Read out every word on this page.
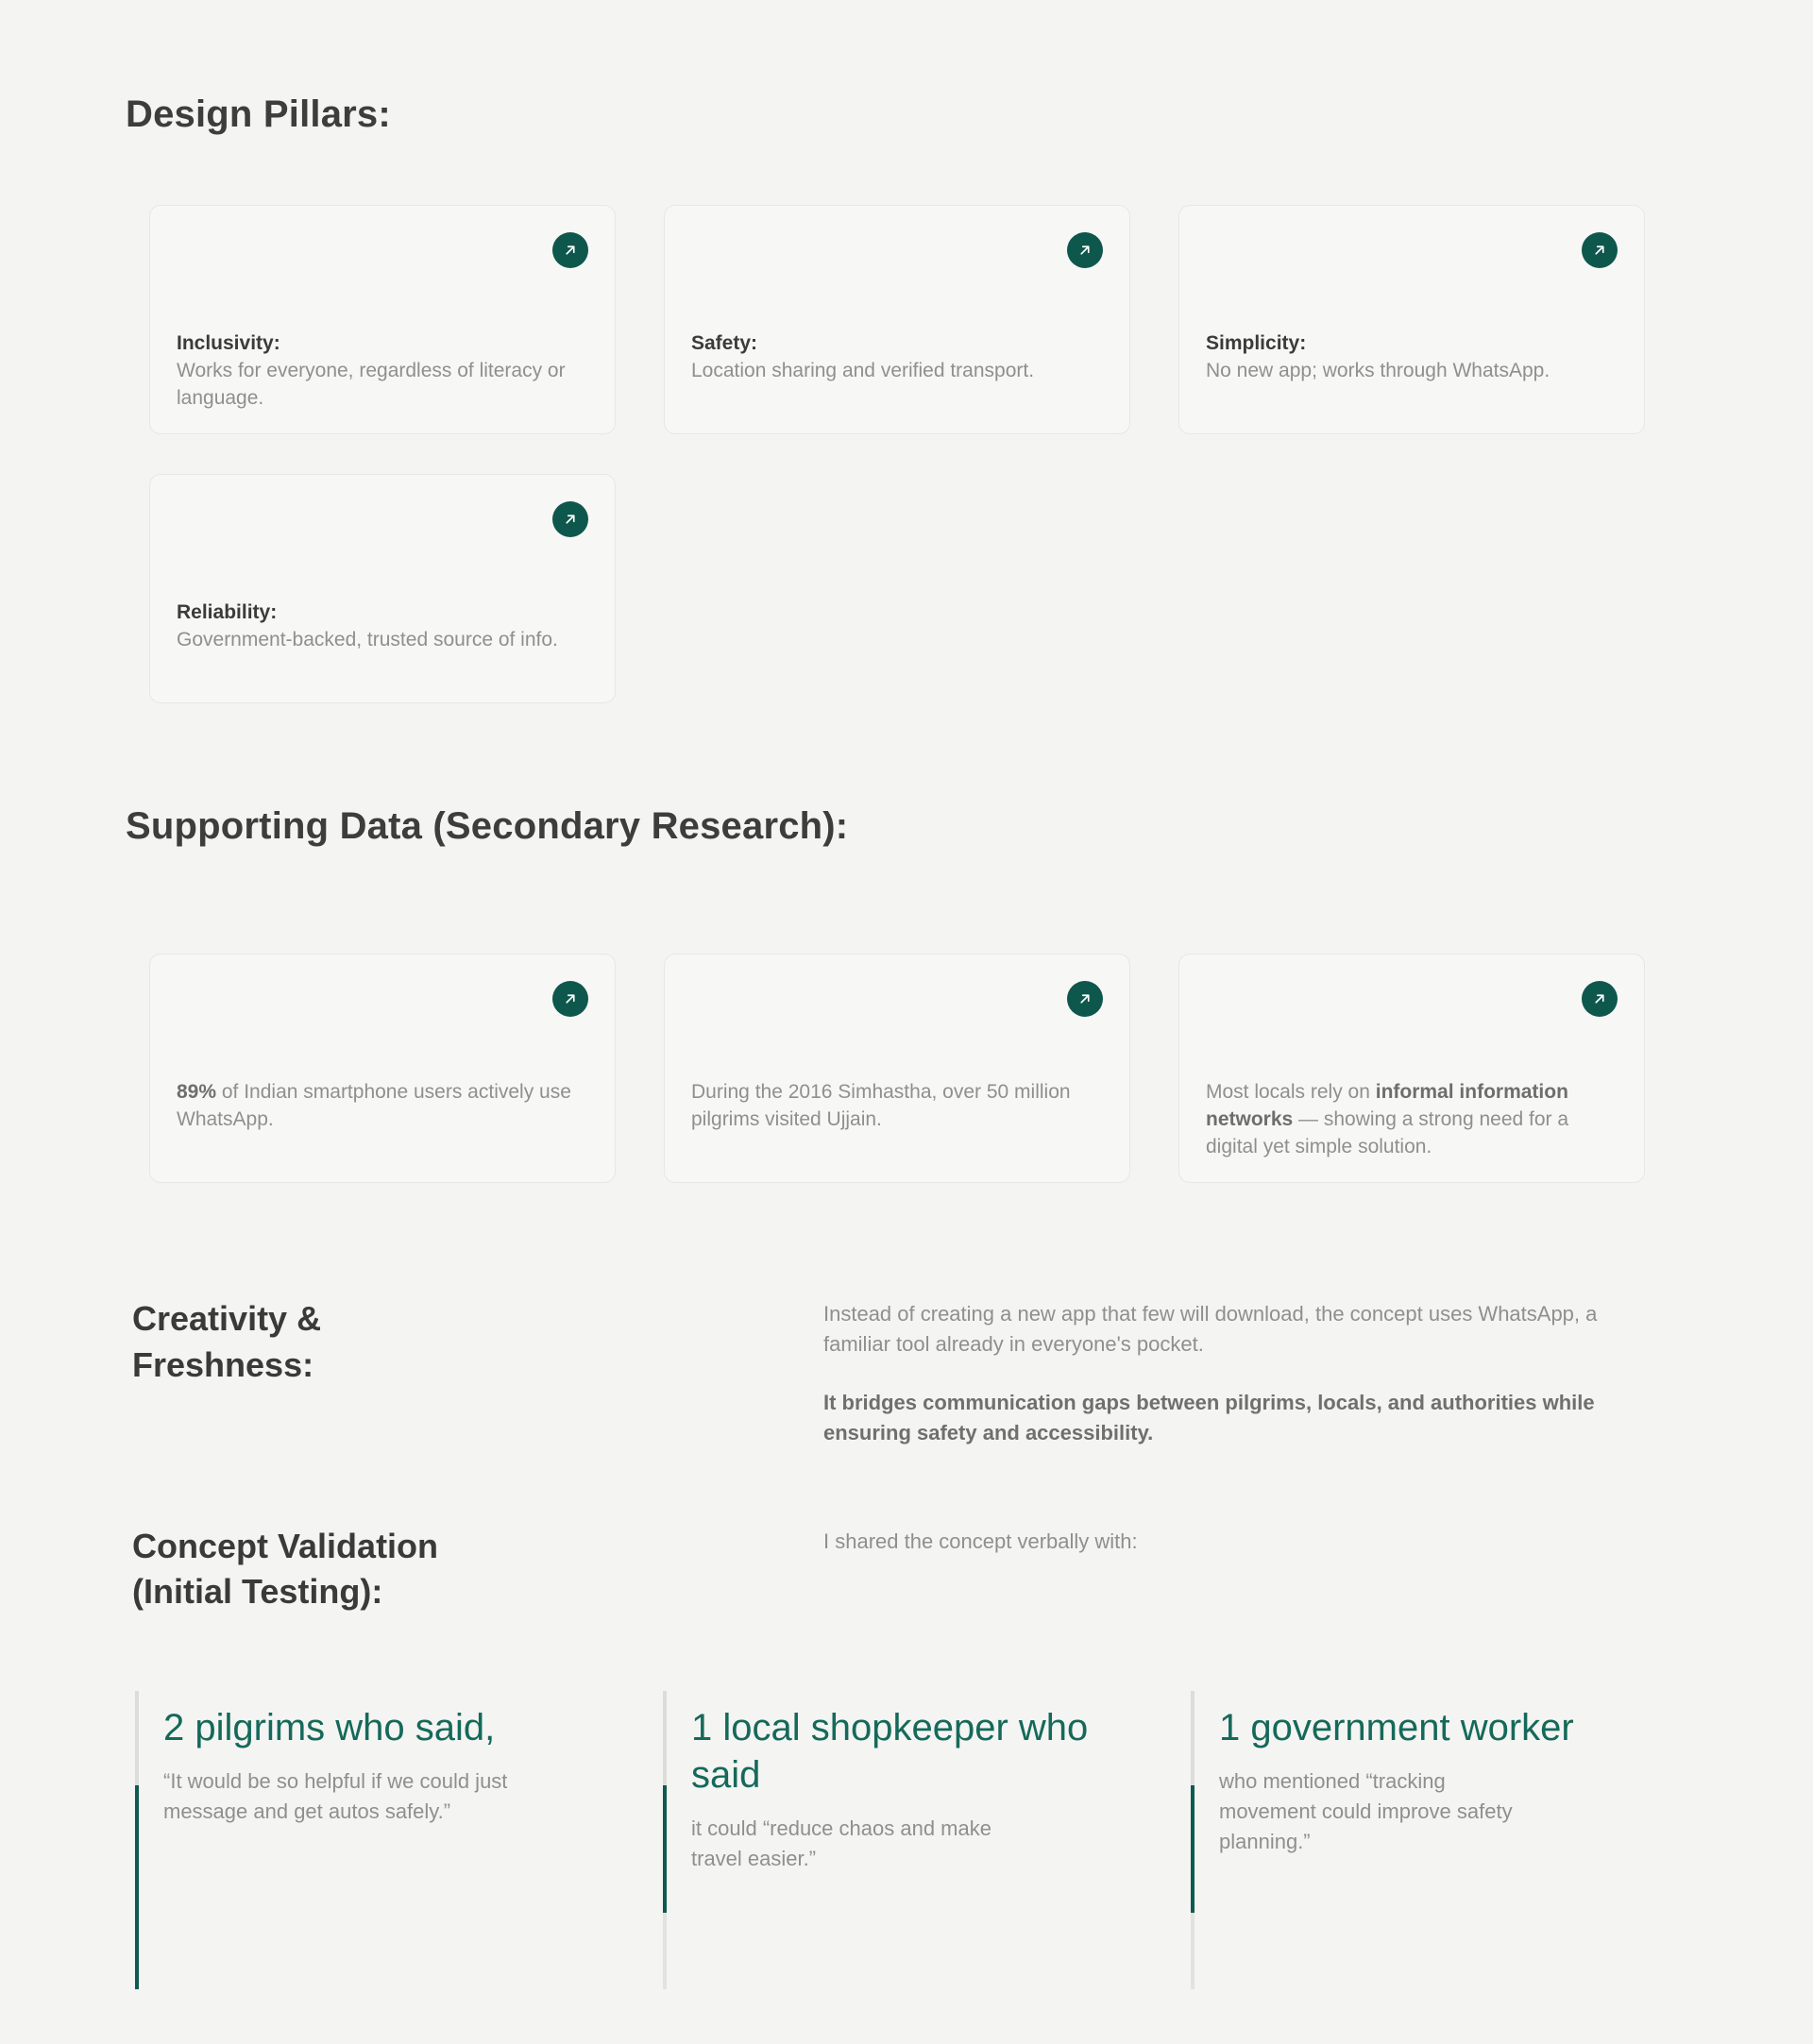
Design Pillars:
Inclusivity:
Works for everyone, regardless of literacy or language.
Safety:
Location sharing and verified transport.
Simplicity:
No new app; works through WhatsApp.
Reliability:
Government-backed, trusted source of info.
Supporting Data (Secondary Research):
89% of Indian smartphone users actively use WhatsApp.
During the 2016 Simhastha, over 50 million pilgrims visited Ujjain.
Most locals rely on informal information networks — showing a strong need for a digital yet simple solution.
Creativity & Freshness:

Instead of creating a new app that few will download, the concept uses WhatsApp, a familiar tool already in everyone's pocket.

It bridges communication gaps between pilgrims, locals, and authorities while ensuring safety and accessibility.

Concept Validation (Initial Testing):
I shared the concept verbally with:
2 pilgrims who said,
“It would be so helpful if we could just message and get autos safely.”
1 local shopkeeper who said
it could “reduce chaos and make travel easier.”
1 government worker
who mentioned “tracking movement could improve safety planning.”
